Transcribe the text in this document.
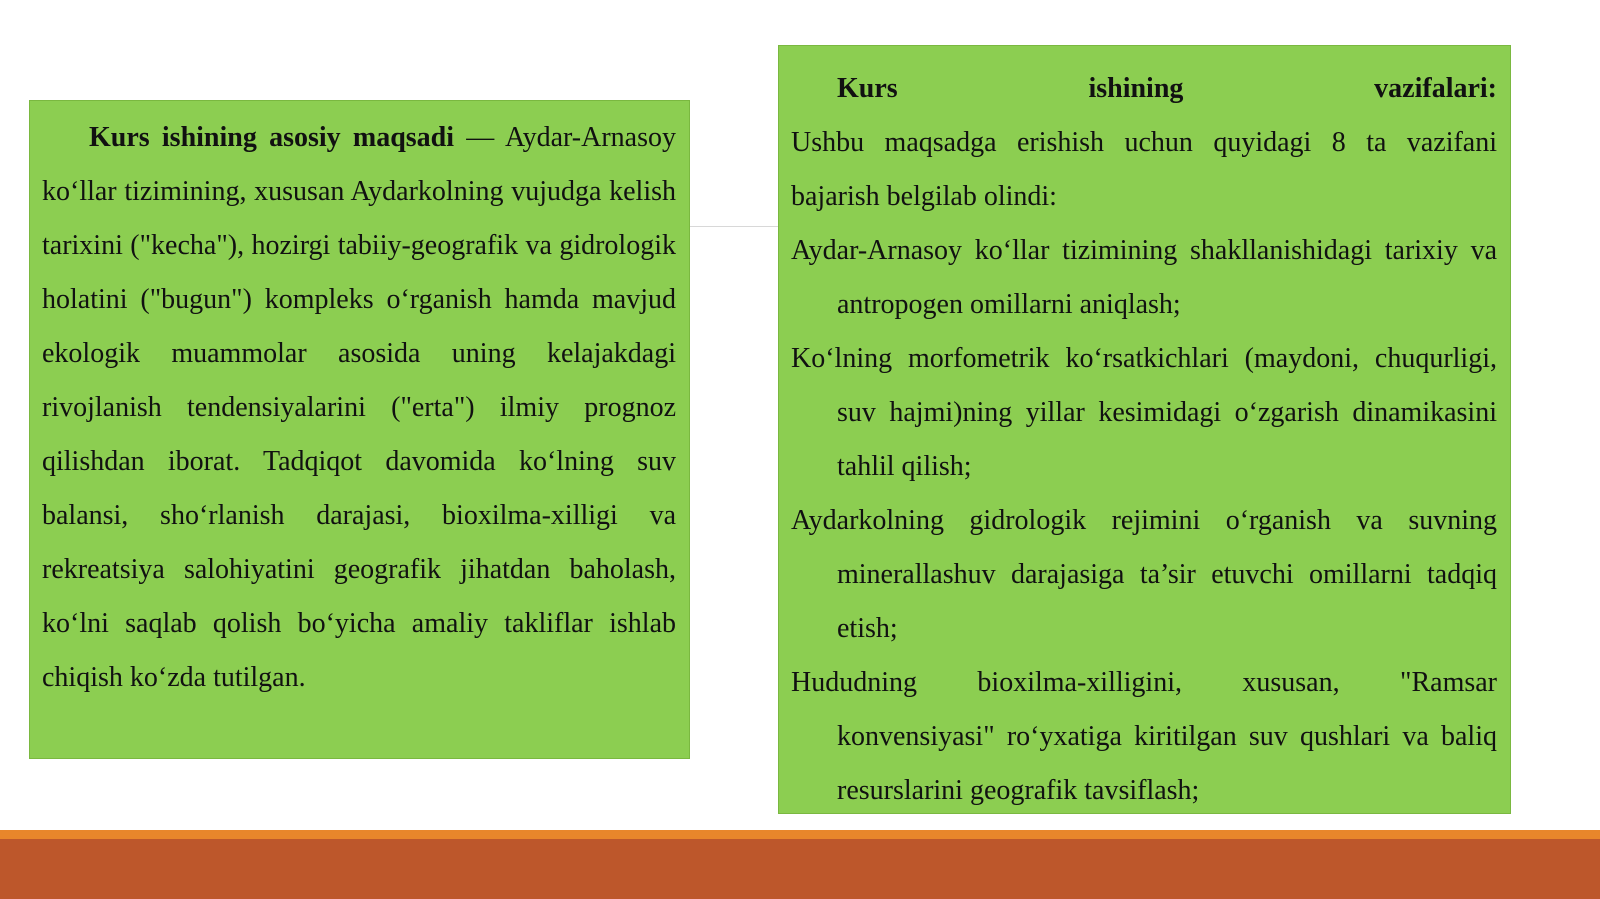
Kurs ishining asosiy maqsadi — Aydar-Arnasoy ko‘llar tizimining, xususan Aydarkolning vujudga kelish tarixini ("kecha"), hozirgi tabiiy-geografik va gidrologik holatini ("bugun") kompleks o‘rganish hamda mavjud ekologik muammolar asosida uning kelajakdagi rivojlanish tendensiyalarini ("erta") ilmiy prognoz qilishdan iborat. Tadqiqot davomida ko‘lning suv balansi, sho‘rlanish darajasi, bioxilma-xilligi va rekreatsiya salohiyatini geografik jihatdan baholash, ko‘lni saqlab qolish bo‘yicha amaliy takliflar ishlab chiqish ko‘zda tutilgan.

Kurs ishining vazifalari:

Ushbu maqsadga erishish uchun quyidagi 8 ta vazifani bajarish belgilab olindi:

Aydar-Arnasoy ko‘llar tizimining shakllanishidagi tarixiy va antropogen omillarni aniqlash;

Ko‘lning morfometrik ko‘rsatkichlari (maydoni, chuqurligi, suv hajmi)ning yillar kesimidagi o‘zgarish dinamikasini tahlil qilish;

Aydarkolning gidrologik rejimini o‘rganish va suvning minerallashuv darajasiga ta’sir etuvchi omillarni tadqiq etish;

Hududning bioxilma-xilligini, xususan, "Ramsar konvensiyasi" ro‘yxatiga kiritilgan suv qushlari va baliq resurslarini geografik tavsiflash;
